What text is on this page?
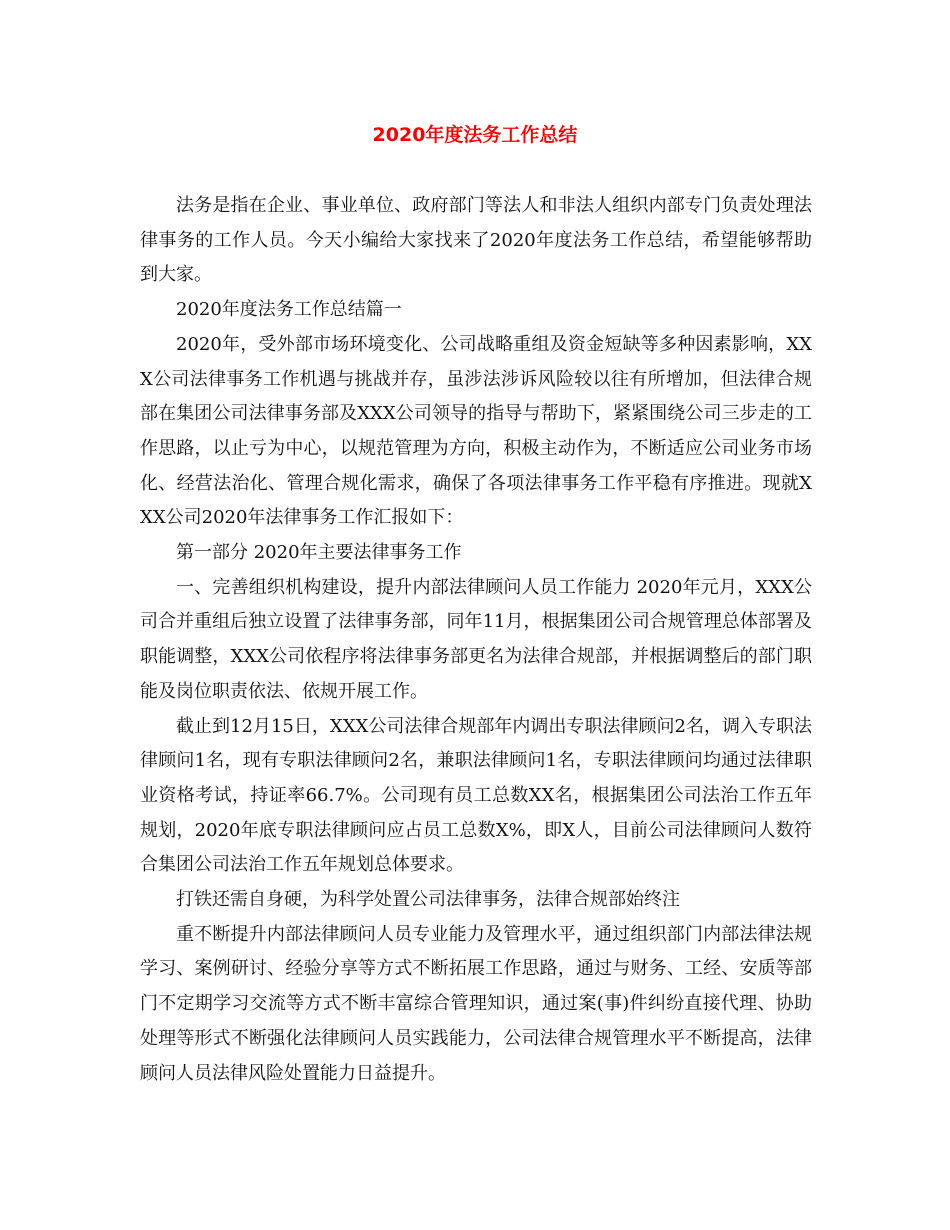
2020年度法务工作总结

法务是指在企业、事业单位、政府部门等法人和非法人组织内部专门负责处理法律事务的工作人员。今天小编给大家找来了2020年度法务工作总结，希望能够帮助到大家。

2020年度法务工作总结篇一

2020年，受外部市场环境变化、公司战略重组及资金短缺等多种因素影响，XXX公司法律事务工作机遇与挑战并存，虽涉法涉诉风险较以往有所增加，但法律合规部在集团公司法律事务部及XXX公司领导的指导与帮助下，紧紧围绕公司三步走的工作思路，以止亏为中心，以规范管理为方向，积极主动作为，不断适应公司业务市场化、经营法治化、管理合规化需求，确保了各项法律事务工作平稳有序推进。现就XXX公司2020年法律事务工作汇报如下：

第一部分 2020年主要法律事务工作

一、完善组织机构建设，提升内部法律顾问人员工作能力 2020年元月，XXX公司合并重组后独立设置了法律事务部，同年11月，根据集团公司合规管理总体部署及职能调整，XXX公司依程序将法律事务部更名为法律合规部，并根据调整后的部门职能及岗位职责依法、依规开展工作。

截止到12月15日，XXX公司法律合规部年内调出专职法律顾问2名，调入专职法律顾问1名，现有专职法律顾问2名，兼职法律顾问1名，专职法律顾问均通过法律职业资格考试，持证率66.7%。公司现有员工总数XX名，根据集团公司法治工作五年规划，2020年底专职法律顾问应占员工总数X%，即X人，目前公司法律顾问人数符合集团公司法治工作五年规划总体要求。

打铁还需自身硬，为科学处置公司法律事务，法律合规部始终注

重不断提升内部法律顾问人员专业能力及管理水平，通过组织部门内部法律法规学习、案例研讨、经验分享等方式不断拓展工作思路，通过与财务、工经、安质等部门不定期学习交流等方式不断丰富综合管理知识，通过案(事)件纠纷直接代理、协助处理等形式不断强化法律顾问人员实践能力，公司法律合规管理水平不断提高，法律顾问人员法律风险处置能力日益提升。
